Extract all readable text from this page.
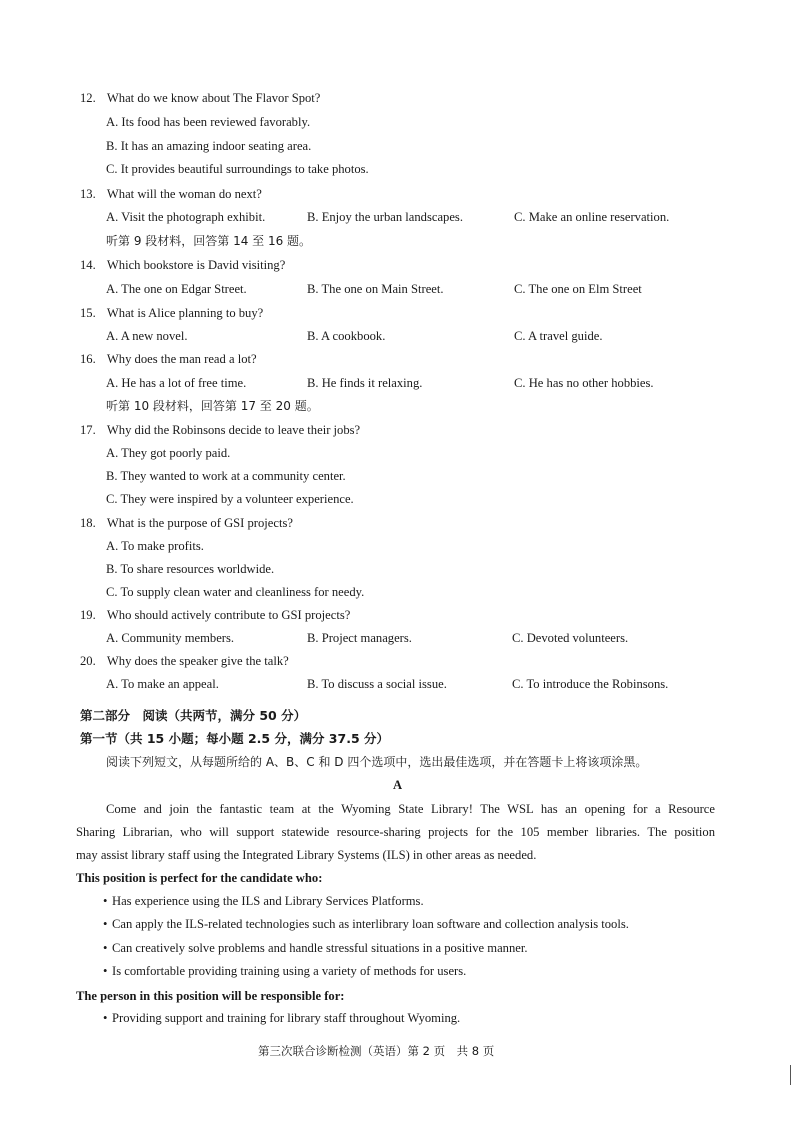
12. What do we know about The Flavor Spot?
A. Its food has been reviewed favorably.
B. It has an amazing indoor seating area.
C. It provides beautiful surroundings to take photos.
13. What will the woman do next?
A. Visit the photograph exhibit.	B. Enjoy the urban landscapes.	C. Make an online reservation.
听第 9 段材料，回答第 14 至 16 题。
14. Which bookstore is David visiting?
A. The one on Edgar Street.	B. The one on Main Street.	C. The one on Elm Street
15. What is Alice planning to buy?
A. A new novel.	B. A cookbook.	C. A travel guide.
16. Why does the man read a lot?
A. He has a lot of free time.	B. He finds it relaxing.	C. He has no other hobbies.
听第 10 段材料，回答第 17 至 20 题。
17. Why did the Robinsons decide to leave their jobs?
A. They got poorly paid.
B. They wanted to work at a community center.
C. They were inspired by a volunteer experience.
18. What is the purpose of GSI projects?
A. To make profits.
B. To share resources worldwide.
C. To supply clean water and cleanliness for needy.
19. Who should actively contribute to GSI projects?
A. Community members.	B. Project managers.	C. Devoted volunteers.
20. Why does the speaker give the talk?
A. To make an appeal.	B. To discuss a social issue.	C. To introduce the Robinsons.
第二部分　阅读（共两节，满分 50 分）
第一节（共 15 小题；每小题 2.5 分，满分 37.5 分）
阅读下列短文，从每题所给的 A、B、C 和 D 四个选项中，选出最佳选项，并在答题卡上将该项涂黑。
A
Come and join the fantastic team at the Wyoming State Library! The WSL has an opening for a Resource
Sharing Librarian, who will support statewide resource-sharing projects for the 105 member libraries. The position
may assist library staff using the Integrated Library Systems (ILS) in other areas as needed.
This position is perfect for the candidate who:
• Has experience using the ILS and Library Services Platforms.
• Can apply the ILS-related technologies such as interlibrary loan software and collection analysis tools.
• Can creatively solve problems and handle stressful situations in a positive manner.
• Is comfortable providing training using a variety of methods for users.
The person in this position will be responsible for:
• Providing support and training for library staff throughout Wyoming.
第三次联合诊断检测（英语）第 2 页　共 8 页
